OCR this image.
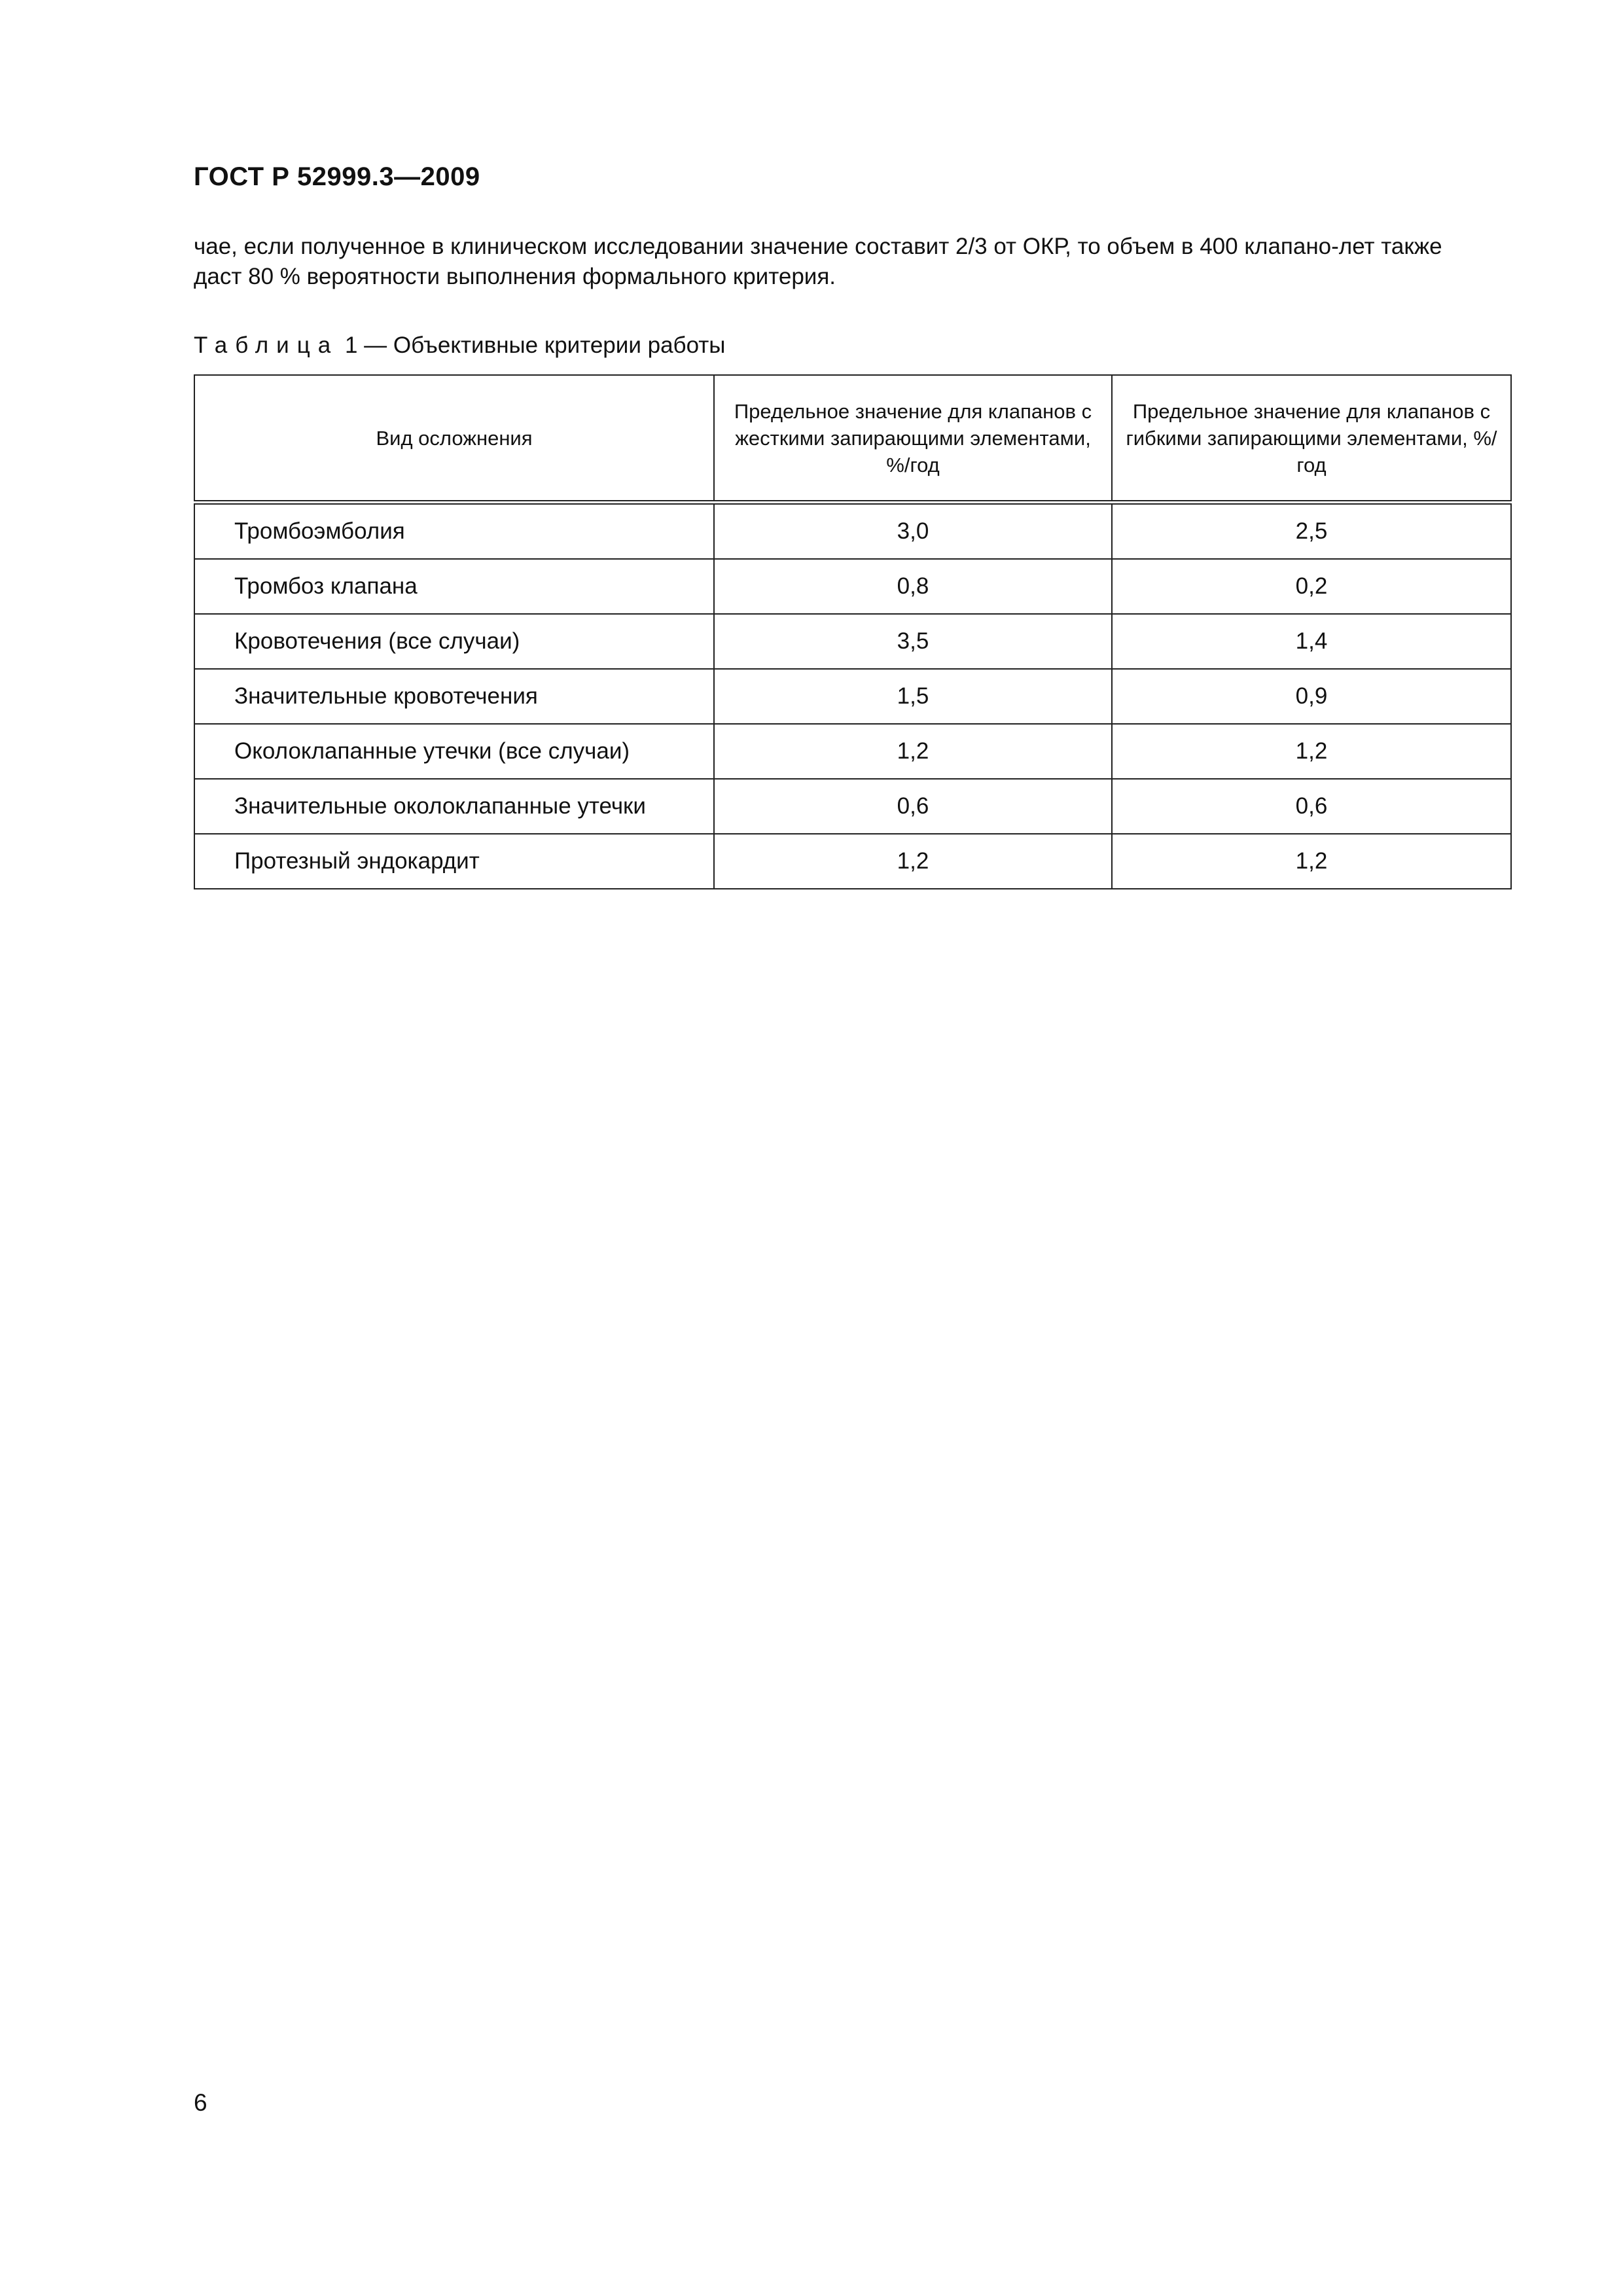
ГОСТ Р 52999.3—2009
чае, если полученное в клиническом исследовании значение составит 2/3 от ОКР, то объем в 400 клапано-лет также
даст 80 % вероятности выполнения формального критерия.
Таблица 1 — Объективные критерии работы
Вид осложнения	Предельное значение для клапанов с жесткими запирающими элементами, %/год	Предельное значение для клапанов с гибкими запирающими элементами, %/год
Тромбоэмболия	3,0	2,5
Тромбоз клапана	0,8	0,2
Кровотечения (все случаи)	3,5	1,4
Значительные кровотечения	1,5	0,9
Околоклапанные утечки (все случаи)	1,2	1,2
Значительные околоклапанные утечки	0,6	0,6
Протезный эндокардит	1,2	1,2
6
